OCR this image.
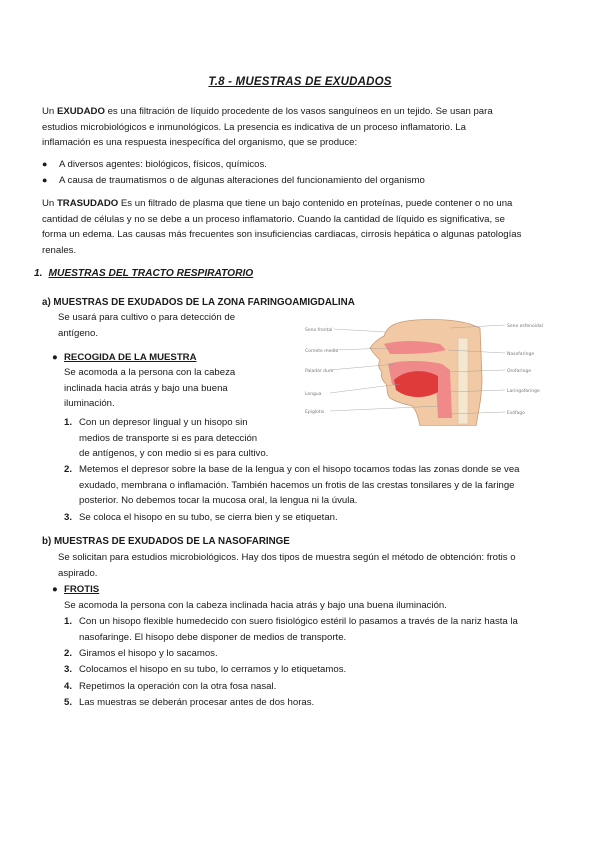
T.8 - MUESTRAS DE EXUDADOS
Un EXUDADO es una filtración de líquido procedente de los vasos sanguíneos en un tejido. Se usan para
estudios microbiológicos e inmunológicos. La presencia es indicativa de un proceso inflamatorio. La
inflamación es una respuesta inespecífica del organismo, que se produce:
● A diversos agentes: biológicos, físicos, químicos.
● A causa de traumatismos o de algunas alteraciones del funcionamiento del organismo
Un TRASUDADO Es un filtrado de plasma que tiene un bajo contenido en proteínas, puede contener o no una
cantidad de células y no se debe a un proceso inflamatorio. Cuando la cantidad de líquido es significativa, se
forma un edema. Las causas más frecuentes son insuficiencias cardiacas, cirrosis hepática o algunas patologías
renales.
1. MUESTRAS DEL TRACTO RESPIRATORIO
a) MUESTRAS DE EXUDADOS DE LA ZONA FARINGOAMIGDALINA
Se usará para cultivo o para detección de
antígeno.
● RECOGIDA DE LA MUESTRA
Se acomoda a la persona con la cabeza
inclinada hacia atrás y bajo una buena
iluminación.
1. Con un depresor lingual y un hisopo sin
medios de transporte si es para detección
de antígenos, y con medio si es para cultivo.
2. Metemos el depresor sobre la base de la lengua y con el hisopo tocamos todas las zonas donde se vea
exudado, membrana o inflamación. También hacemos un frotis de las crestas tonsilares y de la faringe
posterior. No debemos tocar la mucosa oral, la lengua ni la úvula.
3. Se coloca el hisopo en su tubo, se cierra bien y se etiquetan.
b) MUESTRAS DE EXUDADOS DE LA NASOFARINGE
Se solicitan para estudios microbiológicos. Hay dos tipos de muestra según el método de obtención: frotis o
aspirado.
● FROTIS
Se acomoda la persona con la cabeza inclinada hacia atrás y bajo una buena iluminación.
1. Con un hisopo flexible humedecido con suero fisiológico estéril lo pasamos a través de la nariz hasta la
nasofaringe. El hisopo debe disponer de medios de transporte.
2. Giramos el hisopo y lo sacamos.
3. Colocamos el hisopo en su tubo, lo cerramos y lo etiquetamos.
4. Repetimos la operación con la otra fosa nasal.
5. Las muestras se deberán procesar antes de dos horas.
Seno frontal
Cornete medio
Paladar duro
Lengua
Epiglotis
Seno esfenoidal
Nasofaringe
Orofaringe
Laringofaringe
Esófago
